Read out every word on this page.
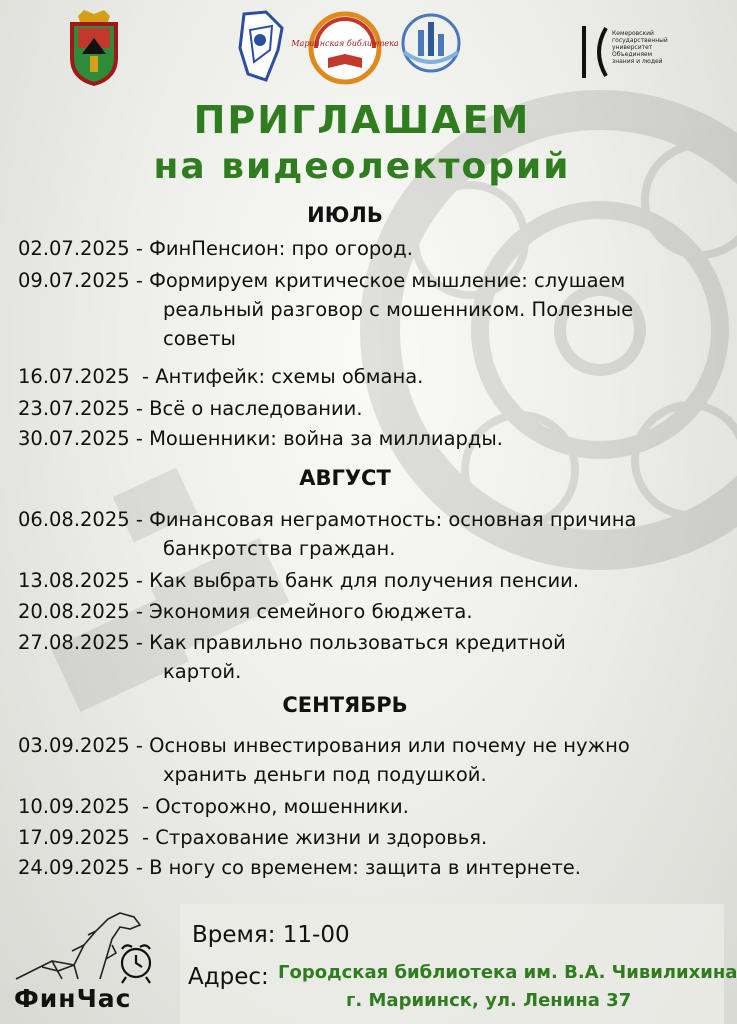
Мариинская библиотека
Кемеровский
государственный
университет
Объединяем
знания и людей
ПРИГЛАШАЕМ
на видеолекторий
ИЮЛЬ
02.07.2025 - ФинПенсион: про огород.
09.07.2025 - Формируем критическое мышление: слушаем
реальный разговор с мошенником. Полезные
советы
16.07.2025  - Антифейк: схемы обмана.
23.07.2025 - Всё о наследовании.
30.07.2025 - Мошенники: война за миллиарды.
АВГУСТ
06.08.2025 - Финансовая неграмотность: основная причина
банкротства граждан.
13.08.2025 - Как выбрать банк для получения пенсии.
20.08.2025 - Экономия семейного бюджета.
27.08.2025 - Как правильно пользоваться кредитной
картой.
СЕНТЯБРЬ
03.09.2025 - Основы инвестирования или почему не нужно
хранить деньги под подушкой.
10.09.2025  - Осторожно, мошенники.
17.09.2025  - Страхование жизни и здоровья.
24.09.2025 - В ногу со временем: защита в интернете.
ФинЧас
Время: 11-00
Адрес: Городская библиотека им. В.А. Чивилихина
г. Мариинск, ул. Ленина 37
